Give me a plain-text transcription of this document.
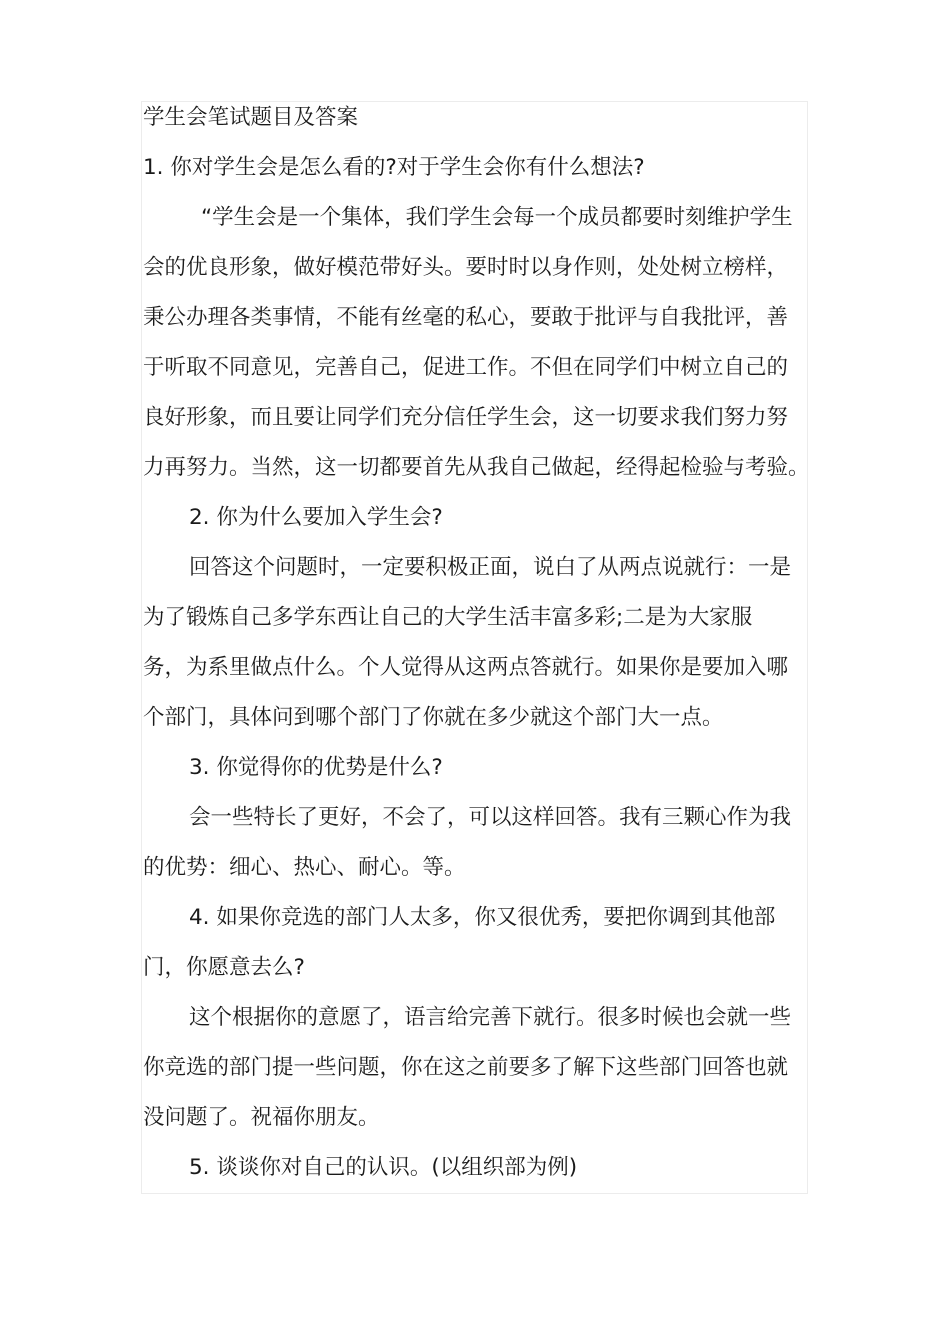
学生会笔试题目及答案
1. 你对学生会是怎么看的?对于学生会你有什么想法?
“学生会是一个集体，我们学生会每一个成员都要时刻维护学生
会的优良形象，做好模范带好头。要时时以身作则，处处树立榜样，
秉公办理各类事情，不能有丝毫的私心，要敢于批评与自我批评，善
于听取不同意见，完善自己，促进工作。不但在同学们中树立自己的
良好形象，而且要让同学们充分信任学生会，这一切要求我们努力努
力再努力。当然，这一切都要首先从我自己做起，经得起检验与考验。
2. 你为什么要加入学生会?
回答这个问题时，一定要积极正面，说白了从两点说就行：一是
为了锻炼自己多学东西让自己的大学生活丰富多彩;二是为大家服
务，为系里做点什么。个人觉得从这两点答就行。如果你是要加入哪
个部门，具体问到哪个部门了你就在多少就这个部门大一点。
3. 你觉得你的优势是什么?
会一些特长了更好，不会了，可以这样回答。我有三颗心作为我
的优势：细心、热心、耐心。等。
4. 如果你竞选的部门人太多，你又很优秀，要把你调到其他部
门，你愿意去么?
这个根据你的意愿了，语言给完善下就行。很多时候也会就一些
你竞选的部门提一些问题，你在这之前要多了解下这些部门回答也就
没问题了。祝福你朋友。
5. 谈谈你对自己的认识。(以组织部为例)
